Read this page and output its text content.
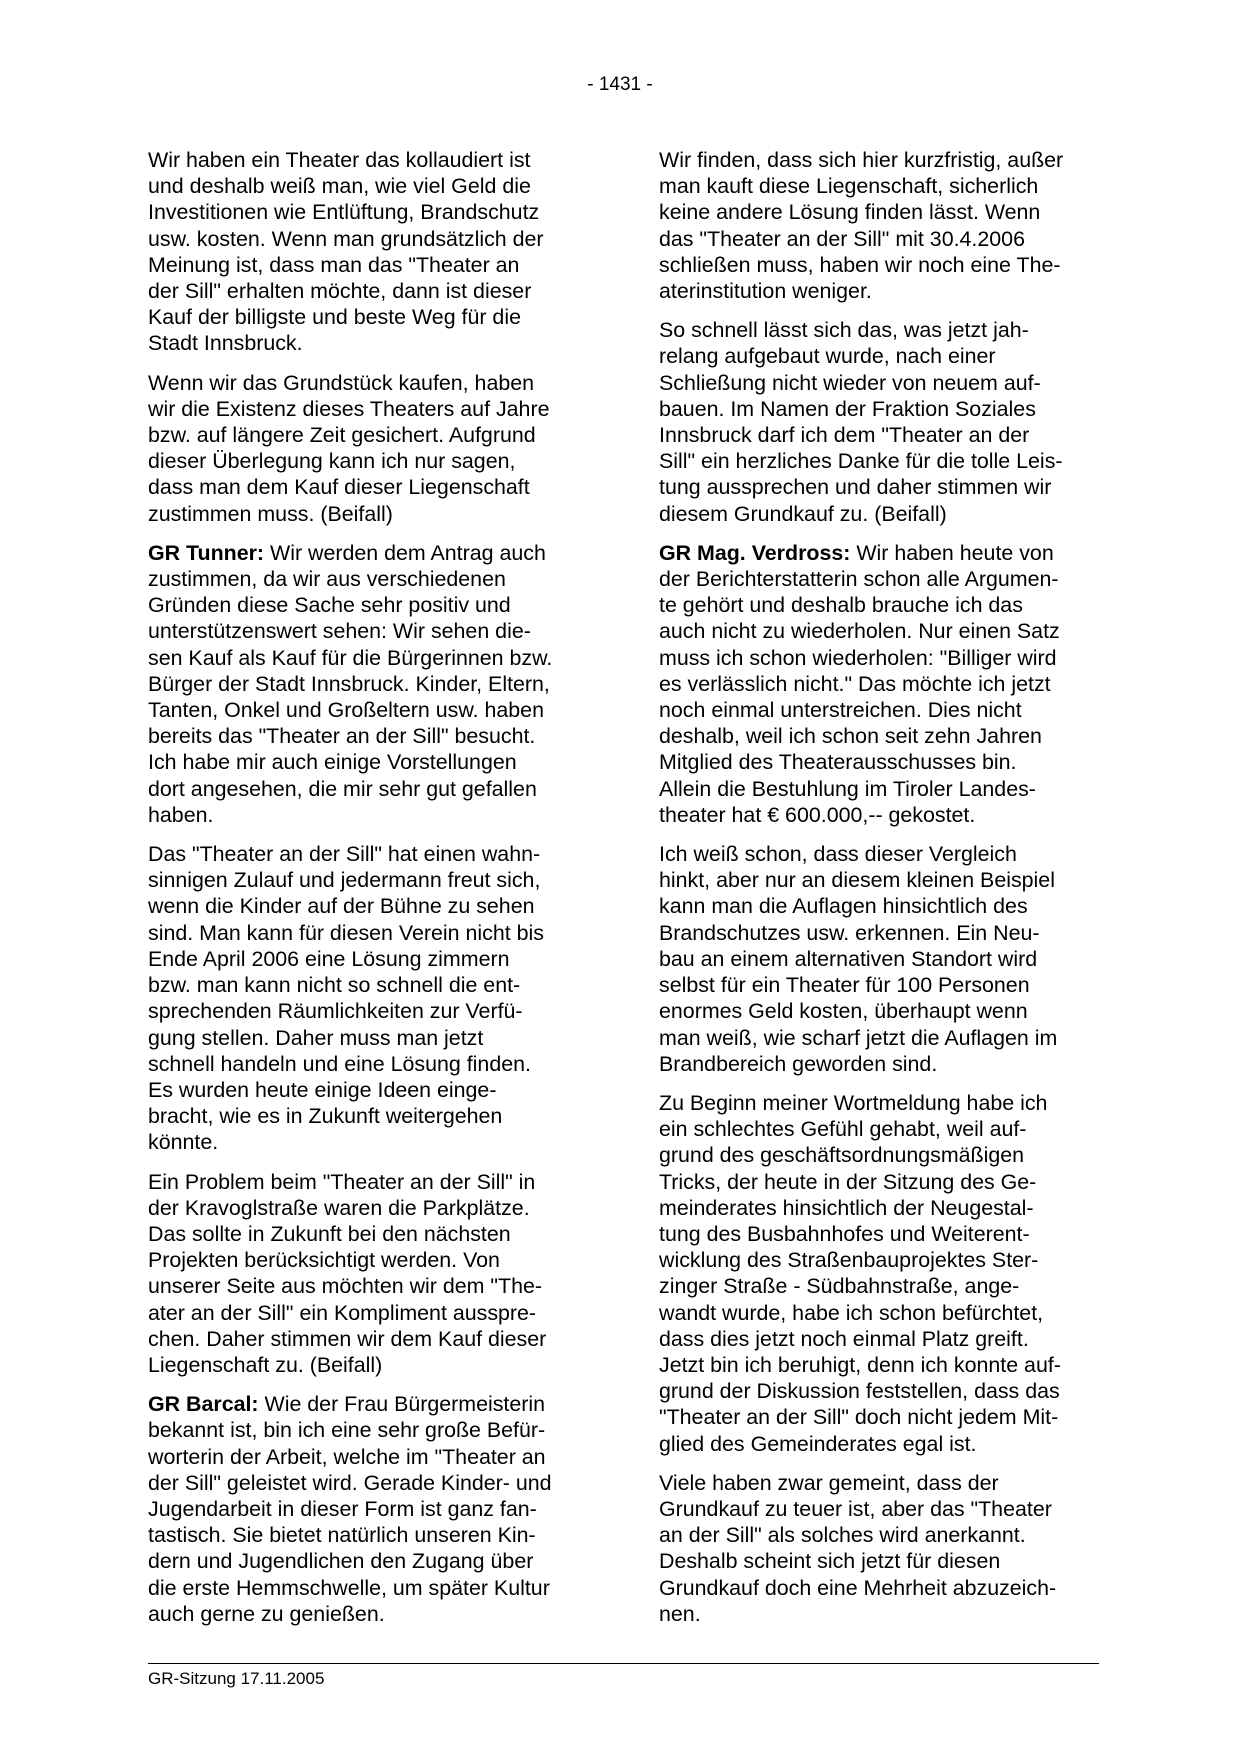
- 1431 -

Wir haben ein Theater das kollaudiert ist
und deshalb weiß man, wie viel Geld die
Investitionen wie Entlüftung, Brandschutz
usw. kosten. Wenn man grundsätzlich der
Meinung ist, dass man das "Theater an
der Sill" erhalten möchte, dann ist dieser
Kauf der billigste und beste Weg für die
Stadt Innsbruck.

Wenn wir das Grundstück kaufen, haben
wir die Existenz dieses Theaters auf Jahre
bzw. auf längere Zeit gesichert. Aufgrund
dieser Überlegung kann ich nur sagen,
dass man dem Kauf dieser Liegenschaft
zustimmen muss. (Beifall)

GR Tunner: Wir werden dem Antrag auch
zustimmen, da wir aus verschiedenen
Gründen diese Sache sehr positiv und
unterstützenswert sehen: Wir sehen die-
sen Kauf als Kauf für die Bürgerinnen bzw.
Bürger der Stadt Innsbruck. Kinder, Eltern,
Tanten, Onkel und Großeltern usw. haben
bereits das "Theater an der Sill" besucht.
Ich habe mir auch einige Vorstellungen
dort angesehen, die mir sehr gut gefallen
haben.

Das "Theater an der Sill" hat einen wahn-
sinnigen Zulauf und jedermann freut sich,
wenn die Kinder auf der Bühne zu sehen
sind. Man kann für diesen Verein nicht bis
Ende April 2006 eine Lösung zimmern
bzw. man kann nicht so schnell die ent-
sprechenden Räumlichkeiten zur Verfü-
gung stellen. Daher muss man jetzt
schnell handeln und eine Lösung finden.
Es wurden heute einige Ideen einge-
bracht, wie es in Zukunft weitergehen
könnte.

Ein Problem beim "Theater an der Sill" in
der Kravoglstraße waren die Parkplätze.
Das sollte in Zukunft bei den nächsten
Projekten berücksichtigt werden. Von
unserer Seite aus möchten wir dem "The-
ater an der Sill" ein Kompliment ausspre-
chen. Daher stimmen wir dem Kauf dieser
Liegenschaft zu. (Beifall)

GR Barcal: Wie der Frau Bürgermeisterin
bekannt ist, bin ich eine sehr große Befür-
worterin der Arbeit, welche im "Theater an
der Sill" geleistet wird. Gerade Kinder- und
Jugendarbeit in dieser Form ist ganz fan-
tastisch. Sie bietet natürlich unseren Kin-
dern und Jugendlichen den Zugang über
die erste Hemmschwelle, um später Kultur
auch gerne zu genießen.

Wir finden, dass sich hier kurzfristig, außer
man kauft diese Liegenschaft, sicherlich
keine andere Lösung finden lässt. Wenn
das "Theater an der Sill" mit 30.4.2006
schließen muss, haben wir noch eine The-
aterinstitution weniger.

So schnell lässt sich das, was jetzt jah-
relang aufgebaut wurde, nach einer
Schließung nicht wieder von neuem auf-
bauen. Im Namen der Fraktion Soziales
Innsbruck darf ich dem "Theater an der
Sill" ein herzliches Danke für die tolle Leis-
tung aussprechen und daher stimmen wir
diesem Grundkauf zu. (Beifall)

GR Mag. Verdross: Wir haben heute von
der Berichterstatterin schon alle Argumen-
te gehört und deshalb brauche ich das
auch nicht zu wiederholen. Nur einen Satz
muss ich schon wiederholen: "Billiger wird
es verlässlich nicht." Das möchte ich jetzt
noch einmal unterstreichen. Dies nicht
deshalb, weil ich schon seit zehn Jahren
Mitglied des Theaterausschusses bin.
Allein die Bestuhlung im Tiroler Landes-
theater hat € 600.000,-- gekostet.

Ich weiß schon, dass dieser Vergleich
hinkt, aber nur an diesem kleinen Beispiel
kann man die Auflagen hinsichtlich des
Brandschutzes usw. erkennen. Ein Neu-
bau an einem alternativen Standort wird
selbst für ein Theater für 100 Personen
enormes Geld kosten, überhaupt wenn
man weiß, wie scharf jetzt die Auflagen im
Brandbereich geworden sind.

Zu Beginn meiner Wortmeldung habe ich
ein schlechtes Gefühl gehabt, weil auf-
grund des geschäftsordnungsmäßigen
Tricks, der heute in der Sitzung des Ge-
meinderates hinsichtlich der Neugestal-
tung des Busbahnhofes und Weiterent-
wicklung des Straßenbauprojektes Ster-
zinger Straße - Südbahnstraße, ange-
wandt wurde, habe ich schon befürchtet,
dass dies jetzt noch einmal Platz greift.
Jetzt bin ich beruhigt, denn ich konnte auf-
grund der Diskussion feststellen, dass das
"Theater an der Sill" doch nicht jedem Mit-
glied des Gemeinderates egal ist.

Viele haben zwar gemeint, dass der
Grundkauf zu teuer ist, aber das "Theater
an der Sill" als solches wird anerkannt.
Deshalb scheint sich jetzt für diesen
Grundkauf doch eine Mehrheit abzuzeich-
nen.

GR-Sitzung 17.11.2005
